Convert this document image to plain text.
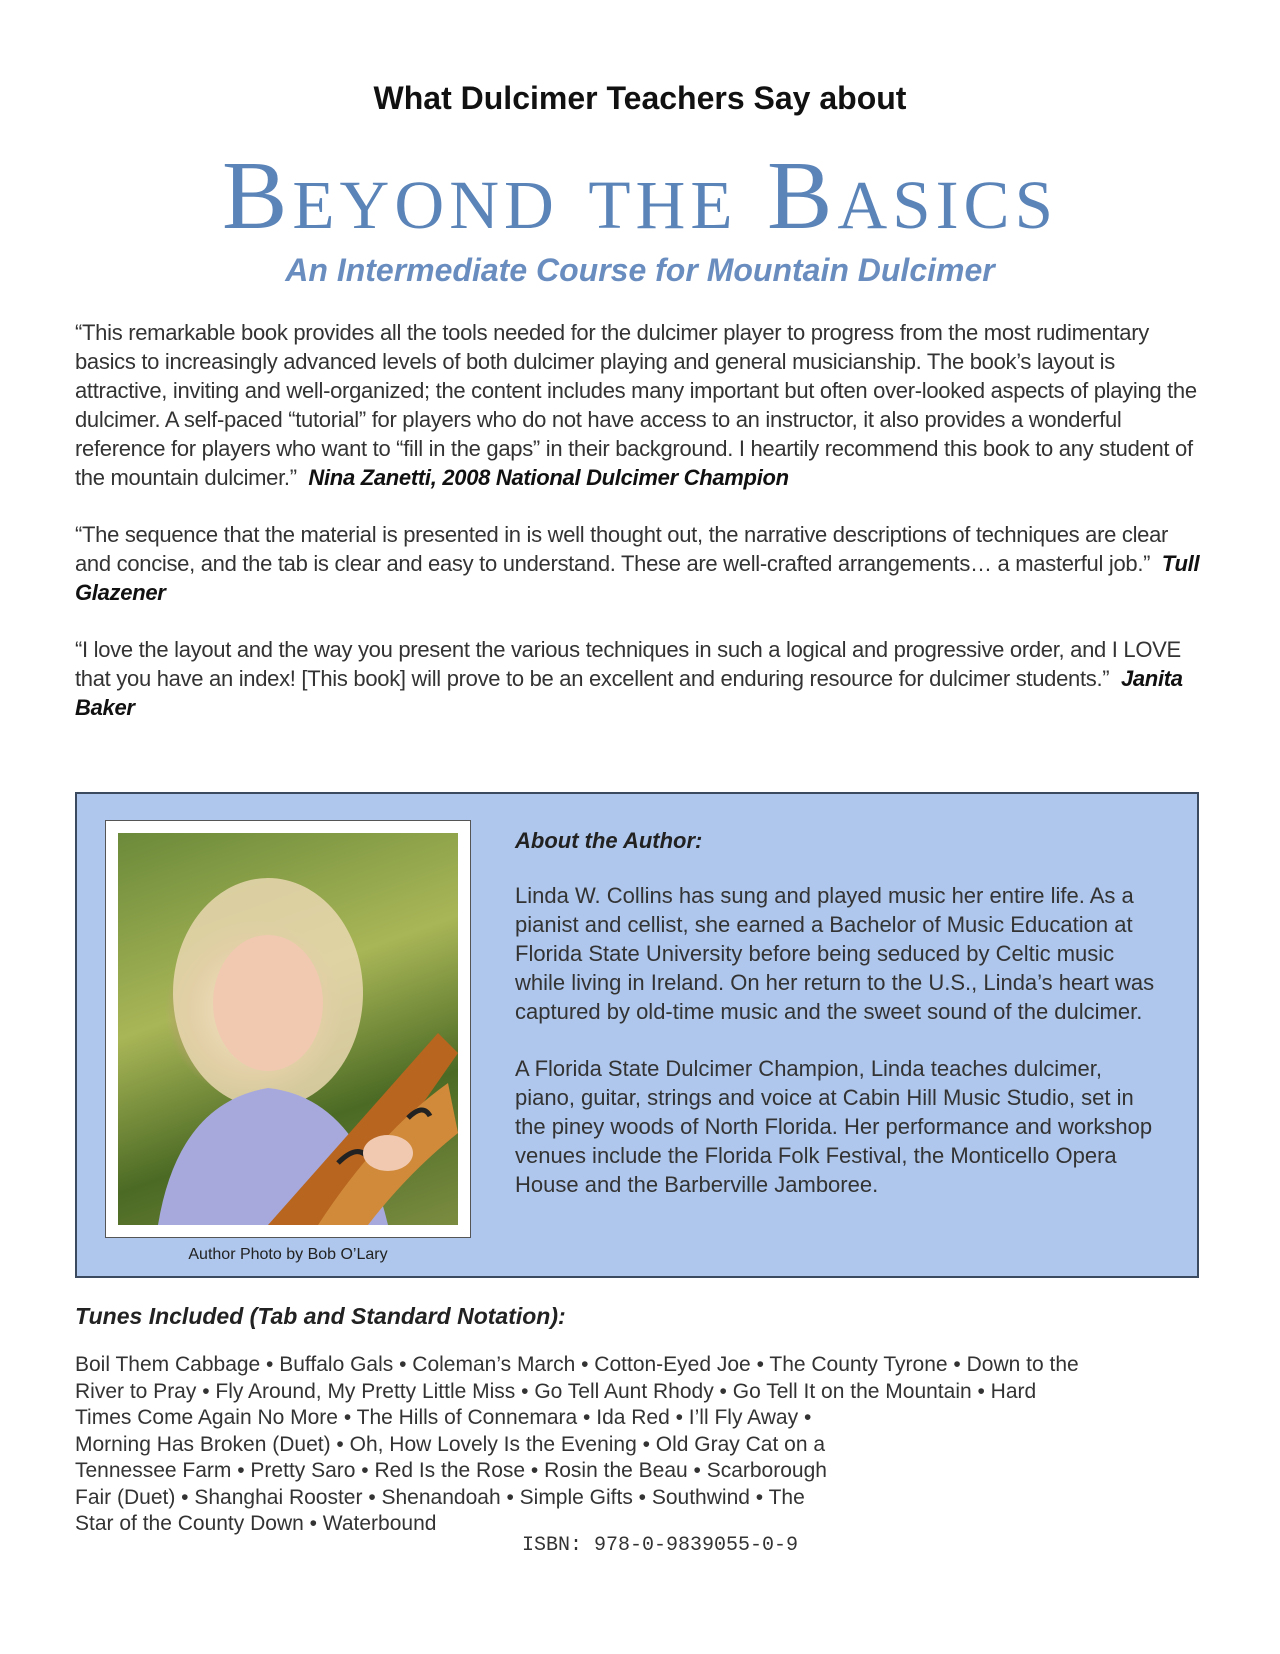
What Dulcimer Teachers Say about
Beyond the Basics
An Intermediate Course for Mountain Dulcimer

“This remarkable book provides all the tools needed for the dulcimer player to progress from the most rudimentary basics to increasingly advanced levels of both dulcimer playing and general musicianship. The book’s layout is attractive, inviting and well-organized; the content includes many important but often over-looked aspects of playing the dulcimer. A self-paced “tutorial” for players who do not have access to an instructor, it also provides a wonderful reference for players who want to “fill in the gaps” in their background. I heartily recommend this book to any student of the mountain dulcimer.” Nina Zanetti, 2008 National Dulcimer Champion

“The sequence that the material is presented in is well thought out, the narrative descriptions of techniques are clear and concise, and the tab is clear and easy to understand. These are well-crafted arrangements… a masterful job.” Tull Glazener

“I love the layout and the way you present the various techniques in such a logical and progressive order, and I LOVE that you have an index! [This book] will prove to be an excellent and enduring resource for dulcimer students.” Janita Baker

Author Photo by Bob O’Lary
About the Author:

Linda W. Collins has sung and played music her entire life. As a pianist and cellist, she earned a Bachelor of Music Education at Florida State University before being seduced by Celtic music while living in Ireland. On her return to the U.S., Linda’s heart was captured by old-time music and the sweet sound of the dulcimer.

A Florida State Dulcimer Champion, Linda teaches dulcimer, piano, guitar, strings and voice at Cabin Hill Music Studio, set in the piney woods of North Florida. Her performance and workshop venues include the Florida Folk Festival, the Monticello Opera House and the Barberville Jamboree.

Tunes Included (Tab and Standard Notation):
Boil Them Cabbage • Buffalo Gals • Coleman’s March • Cotton-Eyed Joe • The County Tyrone • Down to the
River to Pray • Fly Around, My Pretty Little Miss • Go Tell Aunt Rhody • Go Tell It on the Mountain • Hard
Times Come Again No More • The Hills of Connemara • Ida Red • I’ll Fly Away •
Morning Has Broken (Duet) • Oh, How Lovely Is the Evening • Old Gray Cat on a
Tennessee Farm • Pretty Saro • Red Is the Rose • Rosin the Beau • Scarborough
Fair (Duet) • Shanghai Rooster • Shenandoah • Simple Gifts • Southwind • The
Star of the County Down • Waterbound
ISBN: 978-0-9839055-0-9
